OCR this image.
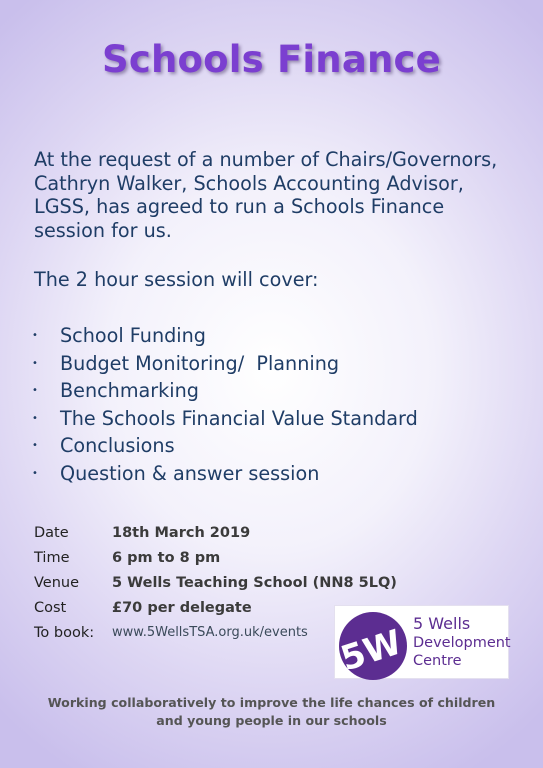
Schools Finance
At the request of a number of Chairs/Governors, Cathryn Walker, Schools Accounting Advisor, LGSS, has agreed to run a Schools Finance session for us.
The 2 hour session will cover:
•	School Funding
•	Budget Monitoring/  Planning
•	Benchmarking
•	The Schools Financial Value Standard
•	Conclusions
•	Question & answer session
Date	18th March 2019
Time	6 pm to 8 pm
Venue	5 Wells Teaching School (NN8 5LQ)
Cost	£70 per delegate
To book:	www.5WellsTSA.org.uk/events 5W 5 Wells
Development
Centre
Working collaboratively to improve the life chances of children
and young people in our schools
